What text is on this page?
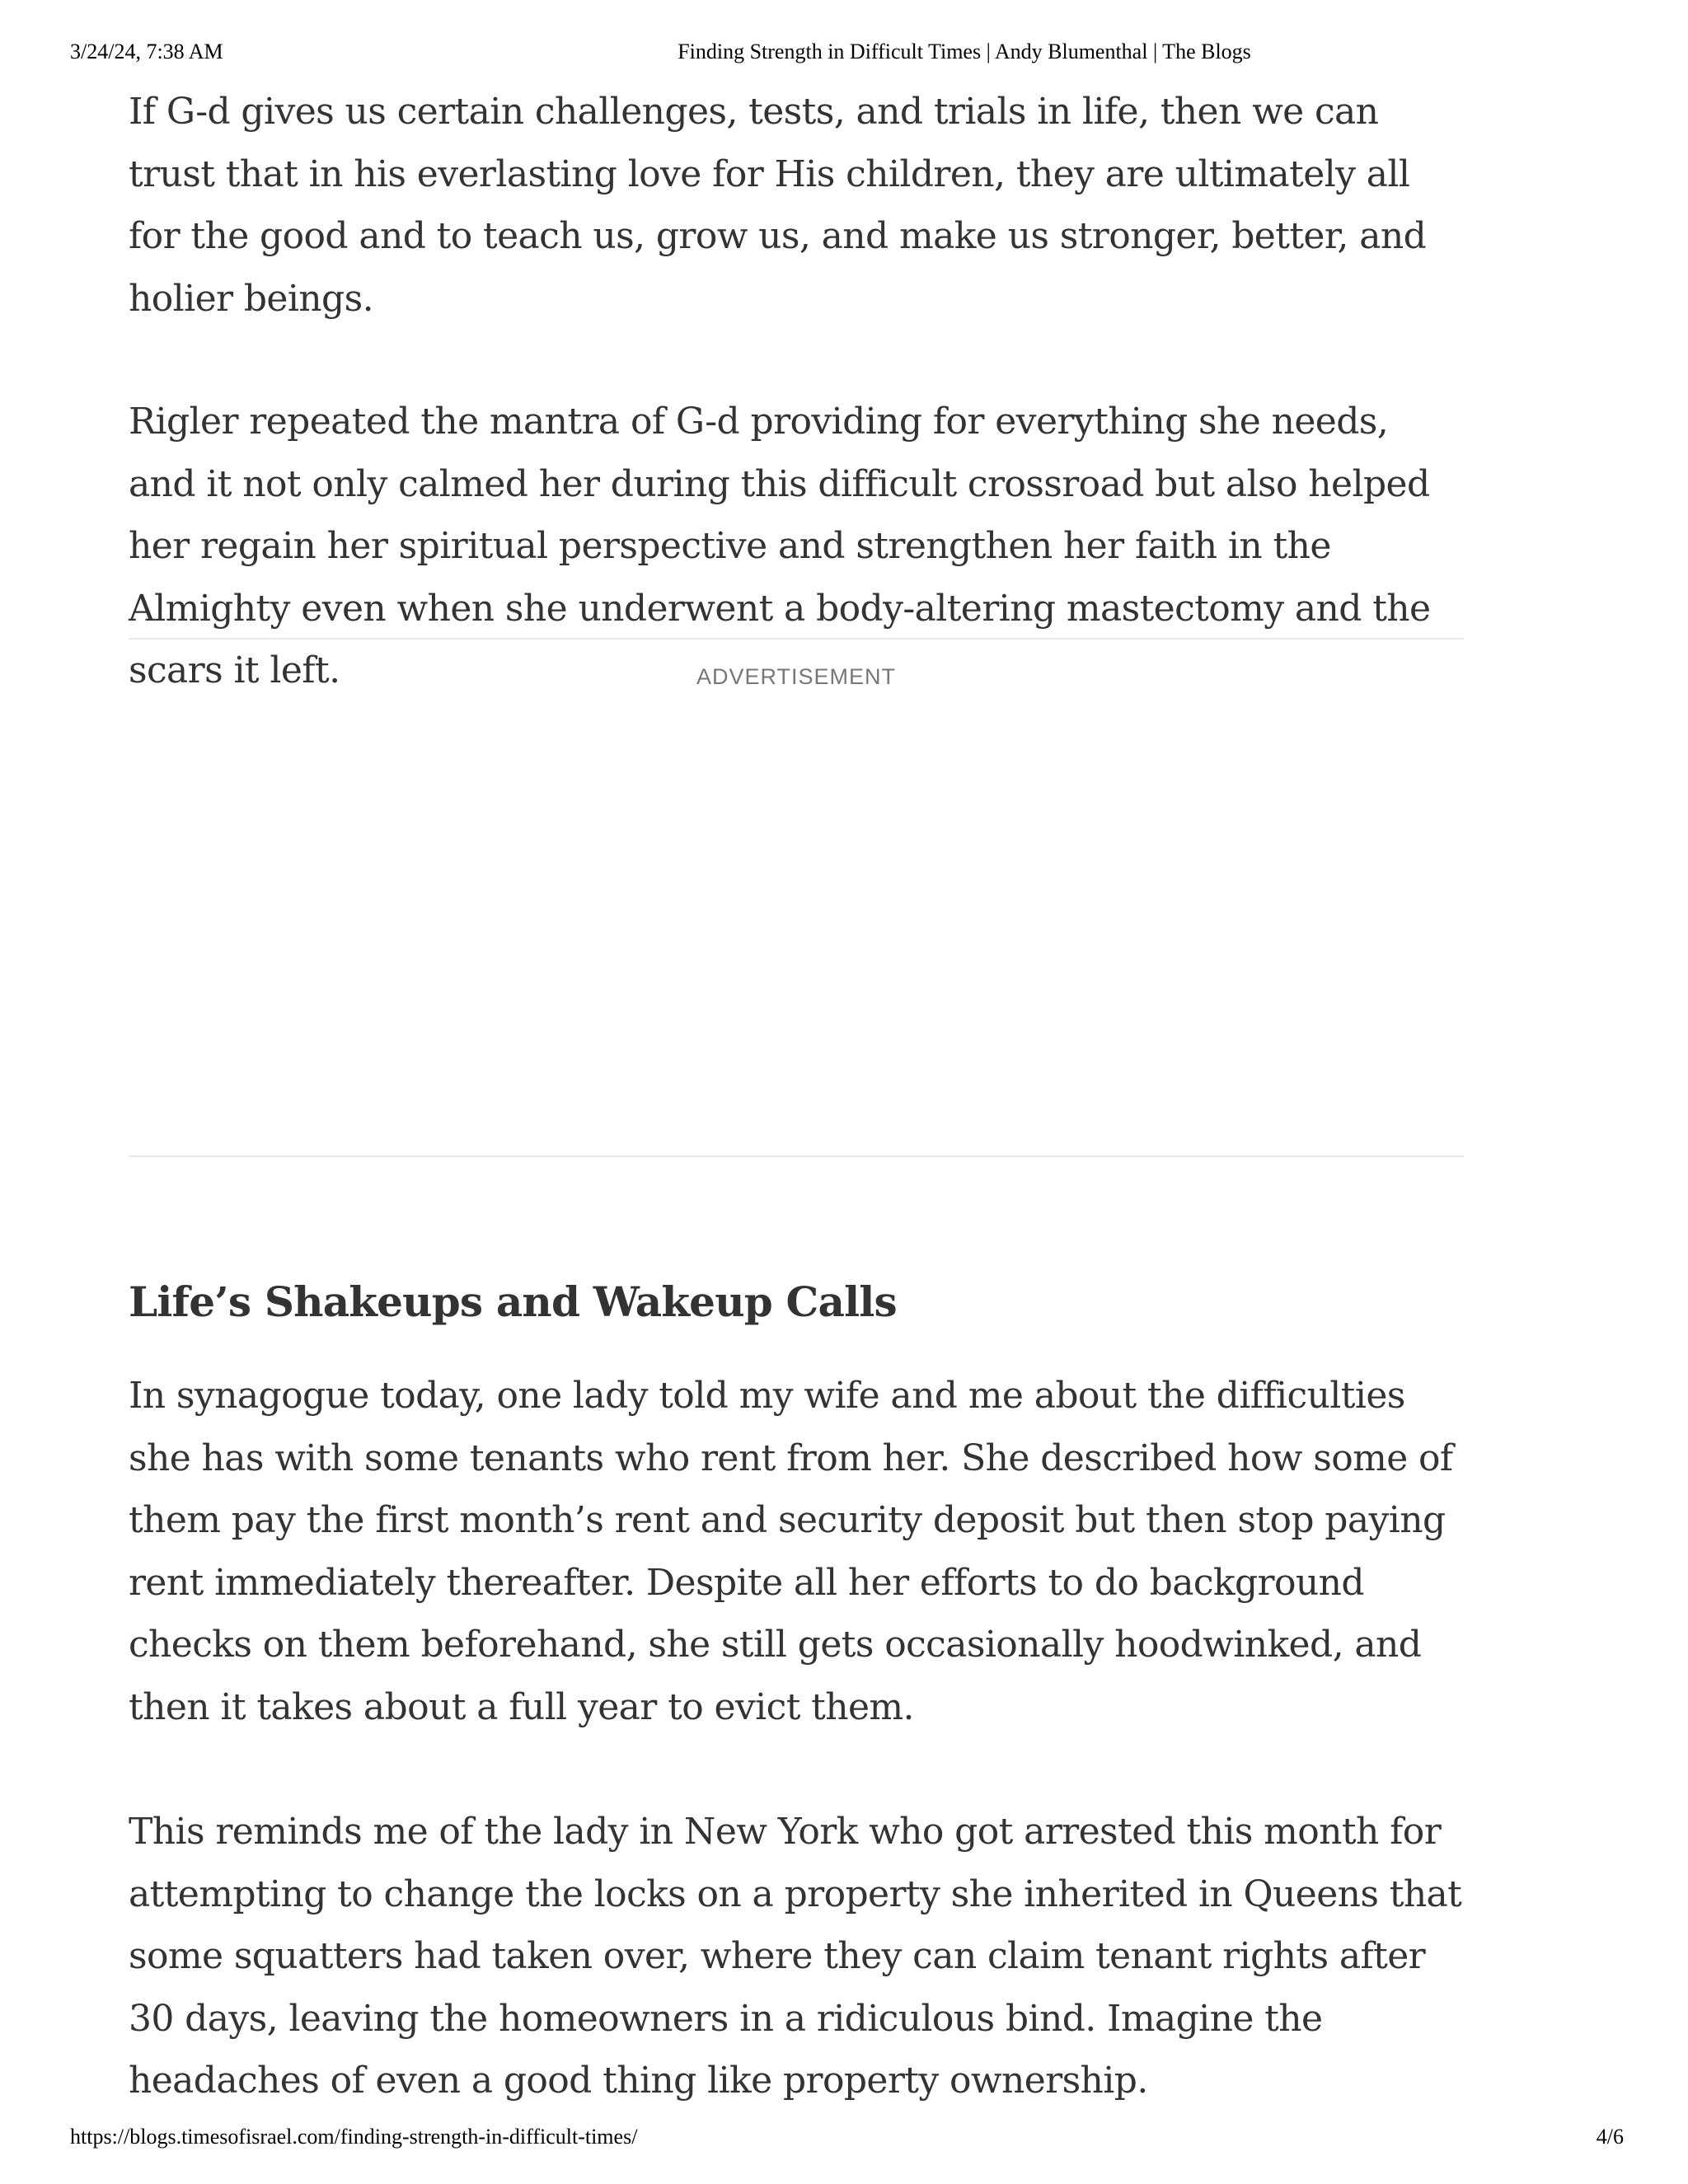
3/24/24, 7:38 AM	Finding Strength in Difficult Times | Andy Blumenthal | The Blogs

If G-d gives us certain challenges, tests, and trials in life, then we can trust that in his everlasting love for His children, they are ultimately all for the good and to teach us, grow us, and make us stronger, better, and holier beings.

Rigler repeated the mantra of G-d providing for everything she needs, and it not only calmed her during this difficult crossroad but also helped her regain her spiritual perspective and strengthen her faith in the Almighty even when she underwent a body-altering mastectomy and the scars it left.	ADVERTISEMENT
Life’s Shakeups and Wakeup Calls

In synagogue today, one lady told my wife and me about the difficulties she has with some tenants who rent from her. She described how some of them pay the first month’s rent and security deposit but then stop paying rent immediately thereafter. Despite all her efforts to do background checks on them beforehand, she still gets occasionally hoodwinked, and then it takes about a full year to evict them.

This reminds me of the lady in New York who got arrested this month for attempting to change the locks on a property she inherited in Queens that some squatters had taken over, where they can claim tenant rights after 30 days, leaving the homeowners in a ridiculous bind. Imagine the headaches of even a good thing like property ownership.

https://blogs.timesofisrael.com/finding-strength-in-difficult-times/	4/6
